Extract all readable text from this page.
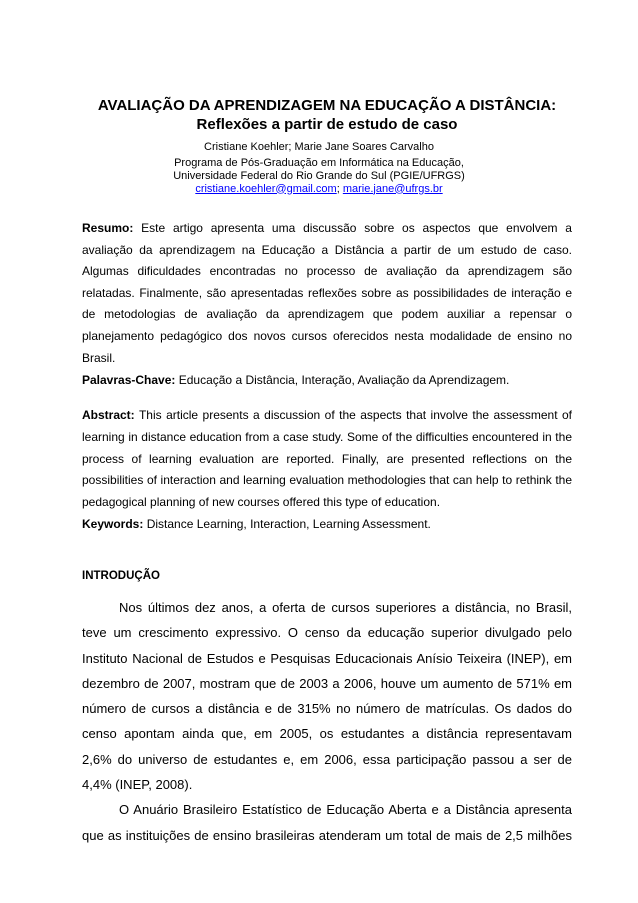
AVALIAÇÃO DA APRENDIZAGEM NA EDUCAÇÃO A DISTÂNCIA:
Reflexões a partir de estudo de caso
Cristiane Koehler; Marie Jane Soares Carvalho
Programa de Pós-Graduação em Informática na Educação,
Universidade Federal do Rio Grande do Sul (PGIE/UFRGS)
cristiane.koehler@gmail.com; marie.jane@ufrgs.br
Resumo: Este artigo apresenta uma discussão sobre os aspectos que envolvem a
avaliação da aprendizagem na Educação a Distância a partir de um estudo de caso.
Algumas dificuldades encontradas no processo de avaliação da aprendizagem são
relatadas. Finalmente, são apresentadas reflexões sobre as possibilidades de interação e
de metodologias de avaliação da aprendizagem que podem auxiliar a repensar o
planejamento pedagógico dos novos cursos oferecidos nesta modalidade de ensino no
Brasil.
Palavras-Chave: Educação a Distância, Interação, Avaliação da Aprendizagem.
Abstract: This article presents a discussion of the aspects that involve the assessment of
learning in distance education from a case study. Some of the difficulties encountered in the
process of learning evaluation are reported. Finally, are presented reflections on the
possibilities of interaction and learning evaluation methodologies that can help to rethink the
pedagogical planning of new courses offered this type of education.
Keywords: Distance Learning, Interaction, Learning Assessment.
INTRODUÇÃO
Nos últimos dez anos, a oferta de cursos superiores a distância, no Brasil,
teve um crescimento expressivo. O censo da educação superior divulgado pelo
Instituto Nacional de Estudos e Pesquisas Educacionais Anísio Teixeira (INEP), em
dezembro de 2007, mostram que de 2003 a 2006, houve um aumento de 571% em
número de cursos a distância e de 315% no número de matrículas. Os dados do
censo apontam ainda que, em 2005, os estudantes a distância representavam
2,6% do universo de estudantes e, em 2006, essa participação passou a ser de
4,4% (INEP, 2008).
O Anuário Brasileiro Estatístico de Educação Aberta e a Distância apresenta
que as instituições de ensino brasileiras atenderam um total de mais de 2,5 milhões
